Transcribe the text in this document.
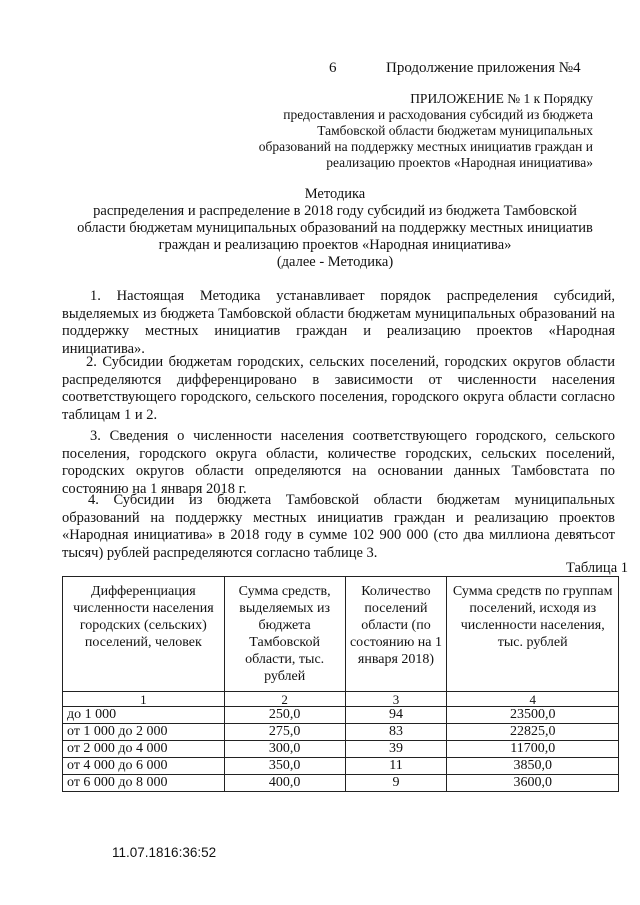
6	Продолжение приложения №4
ПРИЛОЖЕНИЕ № 1 к Порядку
предоставления и расходования субсидий из бюджета
Тамбовской области бюджетам муниципальных
образований на поддержку местных инициатив граждан и
реализацию проектов «Народная инициатива»
Методика
распределения и распределение в 2018 году субсидий из бюджета Тамбовской
области бюджетам муниципальных образований на поддержку местных инициатив
граждан и реализацию проектов «Народная инициатива»
(далее - Методика)
1. Настоящая Методика устанавливает порядок распределения субсидий, выделяемых из бюджета Тамбовской области бюджетам муниципальных образований на поддержку местных инициатив граждан и реализацию проектов «Народная инициатива».
2. Субсидии бюджетам городских, сельских поселений, городских округов области распределяются дифференцировано в зависимости от численности населения соответствующего городского, сельского поселения, городского округа области согласно таблицам 1 и 2.
3. Сведения о численности населения соответствующего городского, сельского поселения, городского округа области, количестве городских, сельских поселений, городских округов области определяются на основании данных Тамбовстата по состоянию на 1 января 2018 г.
4. Субсидии из бюджета Тамбовской области бюджетам муниципальных образований на поддержку местных инициатив граждан и реализацию проектов «Народная инициатива» в 2018 году в сумме 102 900 000 (сто два миллиона девятьсот тысяч) рублей распределяются согласно таблице 3.
Таблица 1
Дифференциация численности населения городских (сельских) поселений, человек	Сумма средств, выделяемых из бюджета Тамбовской области, тыс. рублей	Количество поселений области (по состоянию на 1 января 2018)	Сумма средств по группам поселений, исходя из численности населения, тыс. рублей
1	2	3	4
до 1 000	250,0	94	23500,0
от 1 000 до 2 000	275,0	83	22825,0
от 2 000 до 4 000	300,0	39	11700,0
от 4 000 до 6 000	350,0	11	3850,0
от 6 000 до 8 000	400,0	9	3600,0
11.07.1816:36:52
